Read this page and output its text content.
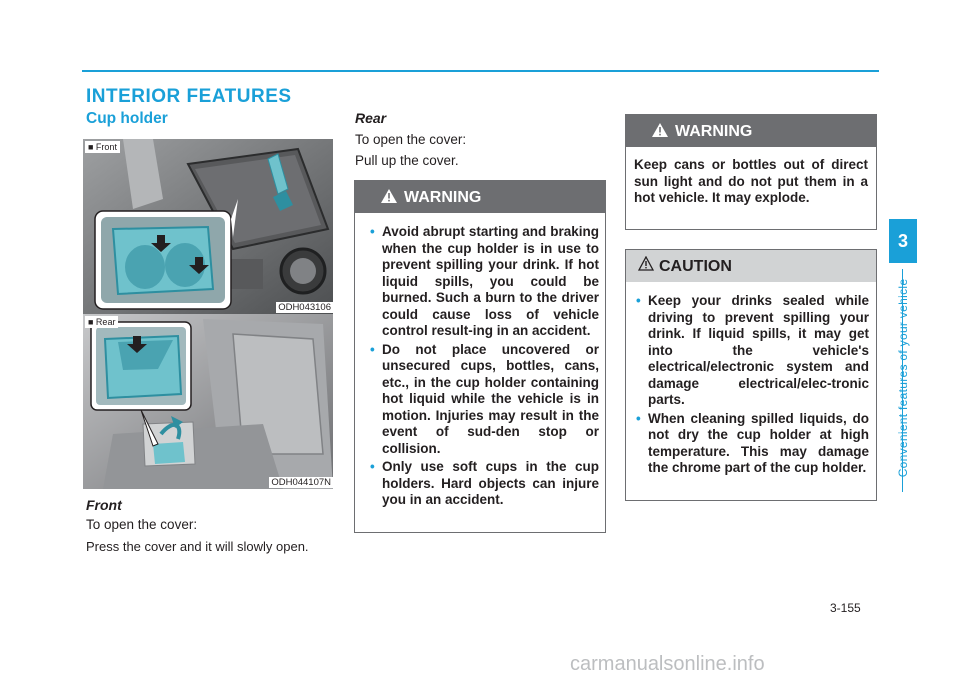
INTERIOR FEATURES
Cup holder
■ Front
ODH043106
■ Rear
ODH044107N
Front
To open the cover:
Press the cover and it will slowly open.
Rear
To open the cover:
Pull up the cover.
WARNING
• Avoid abrupt starting and braking when the cup holder is in use to prevent spilling your drink. If hot liquid spills, you could be burned. Such a burn to the driver could cause loss of vehicle control result-ing in an accident.
• Do not place uncovered or unsecured cups, bottles, cans, etc., in the cup holder containing hot liquid while the vehicle is in motion. Injuries may result in the event of sud-den stop or collision.
• Only use soft cups in the cup holders. Hard objects can injure you in an accident.
WARNING
Keep cans or bottles out of direct sun light and do not put them in a hot vehicle. It may explode.
CAUTION
• Keep your drinks sealed while driving to prevent spilling your drink. If liquid spills, it may get into the vehicle's electrical/electronic system and damage electrical/elec-tronic parts.
• When cleaning spilled liquids, do not dry the cup holder at high temperature. This may damage the chrome part of the cup holder.
3
Convenient features of your vehicle
3-155
carmanualsonline.info
